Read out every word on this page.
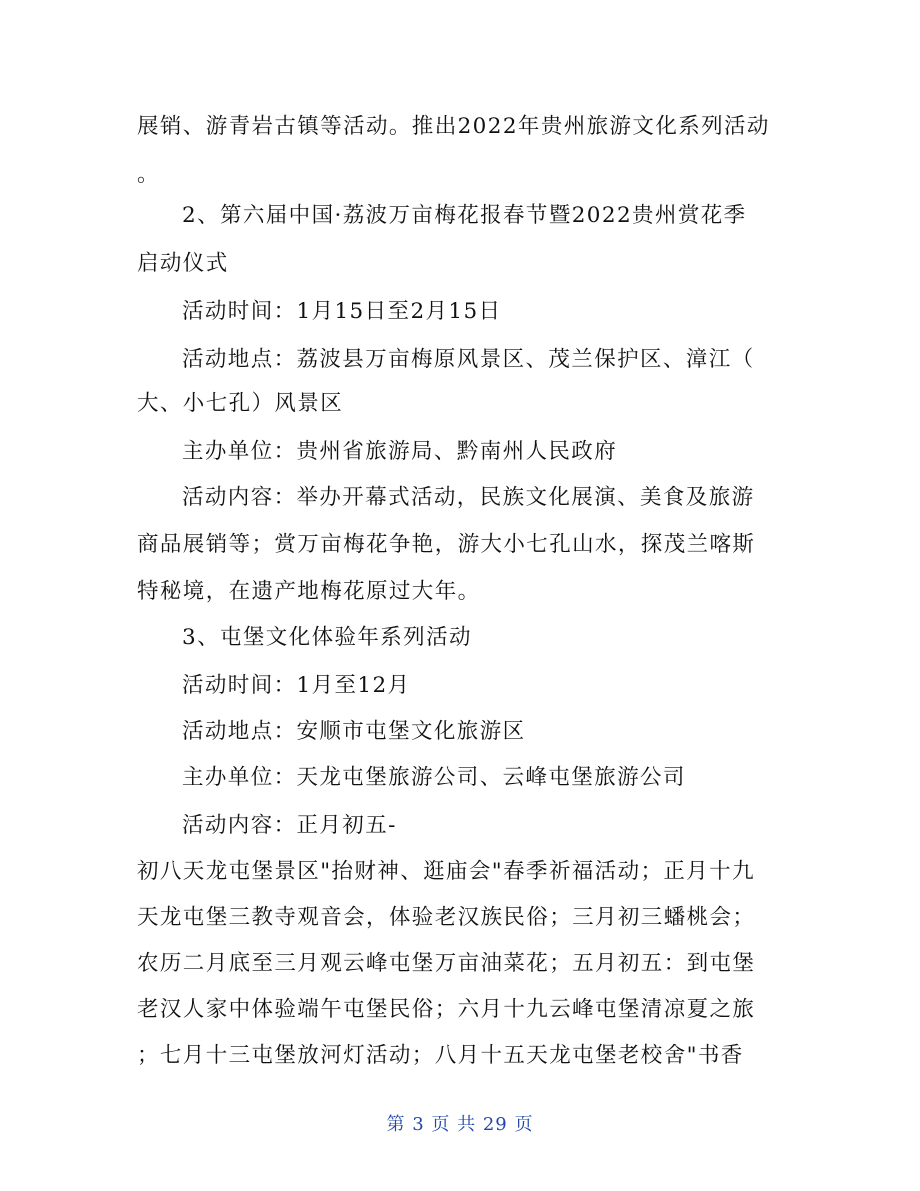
展销、游青岩古镇等活动。推出2022年贵州旅游文化系列活动
。
2、第六届中国·荔波万亩梅花报春节暨2022贵州赏花季
启动仪式
活动时间：1月15日至2月15日
活动地点：荔波县万亩梅原风景区、茂兰保护区、漳江（
大、小七孔）风景区
主办单位：贵州省旅游局、黔南州人民政府
活动内容：举办开幕式活动，民族文化展演、美食及旅游
商品展销等；赏万亩梅花争艳，游大小七孔山水，探茂兰喀斯
特秘境，在遗产地梅花原过大年。
3、屯堡文化体验年系列活动
活动时间：1月至12月
活动地点：安顺市屯堡文化旅游区
主办单位：天龙屯堡旅游公司、云峰屯堡旅游公司
活动内容：正月初五-
初八天龙屯堡景区"抬财神、逛庙会"春季祈福活动；正月十九
天龙屯堡三教寺观音会，体验老汉族民俗；三月初三蟠桃会；
农历二月底至三月观云峰屯堡万亩油菜花；五月初五：到屯堡
老汉人家中体验端午屯堡民俗；六月十九云峰屯堡清凉夏之旅
；七月十三屯堡放河灯活动；八月十五天龙屯堡老校舍"书香
第 3 页 共 29 页
